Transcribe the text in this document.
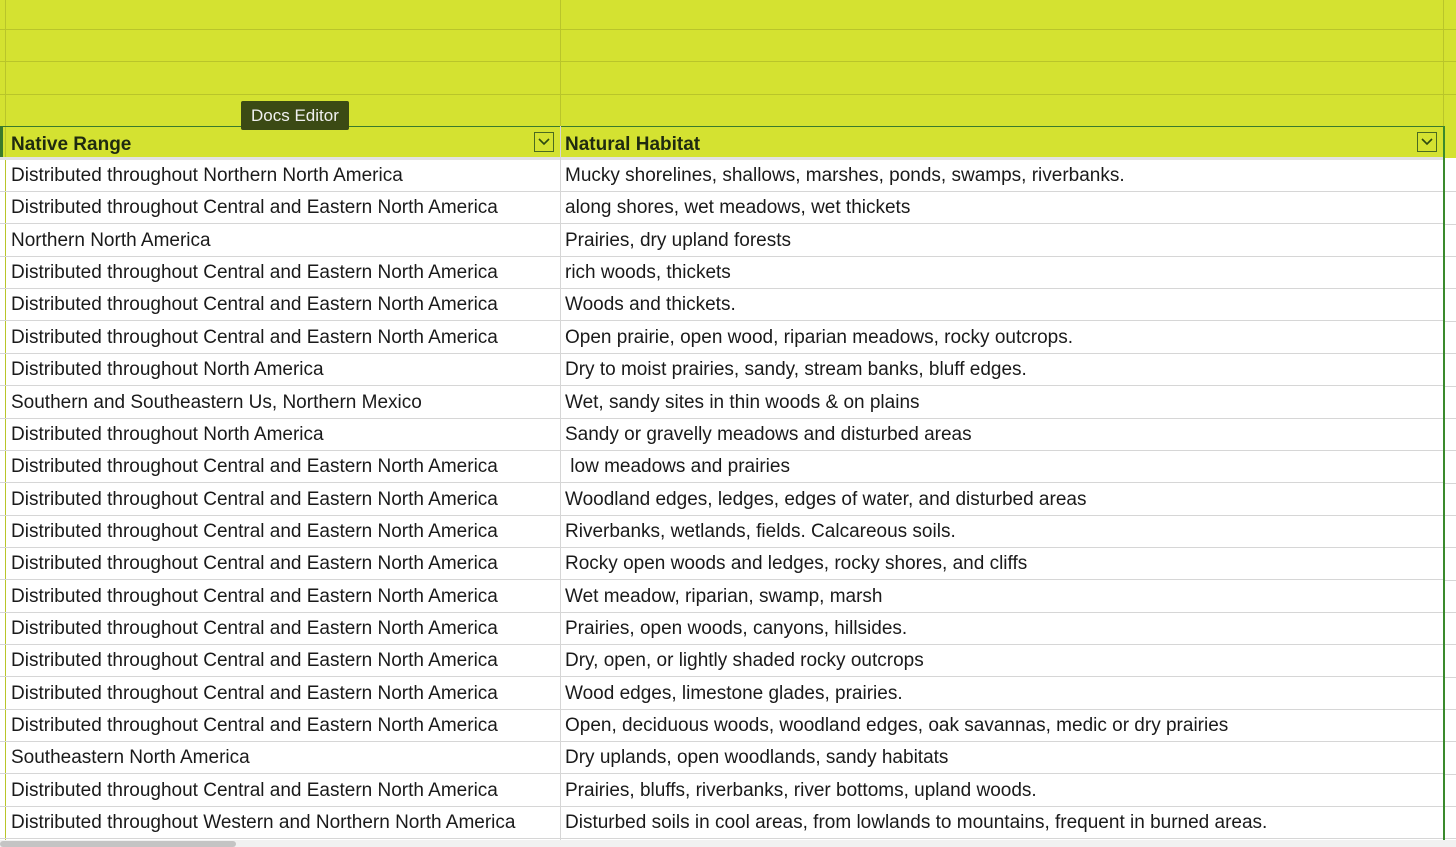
Native Range	Natural Habitat
Distributed throughout Northern North America	Mucky shorelines, shallows, marshes, ponds, swamps, riverbanks.
Distributed throughout Central and Eastern North America	along shores, wet meadows, wet thickets
Northern North America	Prairies, dry upland forests
Distributed throughout Central and Eastern North America	rich woods, thickets
Distributed throughout Central and Eastern North America	Woods and thickets.
Distributed throughout Central and Eastern North America	Open prairie, open wood, riparian meadows, rocky outcrops.
Distributed throughout North America	Dry to moist prairies, sandy, stream banks, bluff edges.
Southern and Southeastern Us, Northern Mexico	Wet, sandy sites in thin woods & on plains
Distributed throughout North America	Sandy or gravelly meadows and disturbed areas
Distributed throughout Central and Eastern North America	low meadows and prairies
Distributed throughout Central and Eastern North America	Woodland edges, ledges, edges of water, and disturbed areas
Distributed throughout Central and Eastern North America	Riverbanks, wetlands, fields. Calcareous soils.
Distributed throughout Central and Eastern North America	Rocky open woods and ledges, rocky shores, and cliffs
Distributed throughout Central and Eastern North America	Wet meadow, riparian, swamp, marsh
Distributed throughout Central and Eastern North America	Prairies, open woods, canyons, hillsides.
Distributed throughout Central and Eastern North America	Dry, open, or lightly shaded rocky outcrops
Distributed throughout Central and Eastern North America	Wood edges, limestone glades, prairies.
Distributed throughout Central and Eastern North America	Open, deciduous woods, woodland edges, oak savannas, medic or dry prairies
Southeastern North America	Dry uplands, open woodlands, sandy habitats
Distributed throughout Central and Eastern North America	Prairies, bluffs, riverbanks, river bottoms, upland woods.
Distributed throughout Western and Northern North America	Disturbed soils in cool areas, from lowlands to mountains, frequent in burned areas.
Docs Editor
